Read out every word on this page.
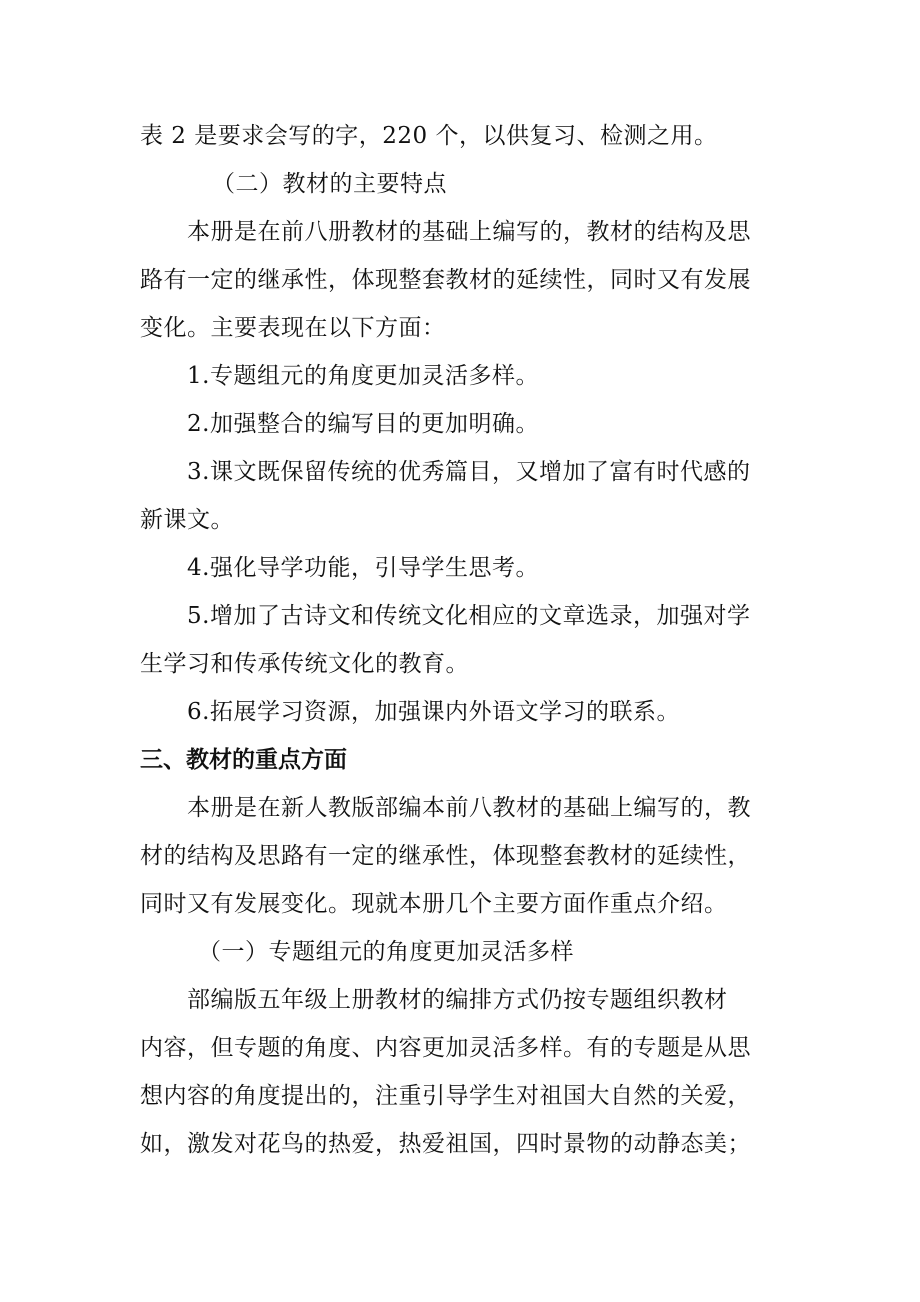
表 2 是要求会写的字，220 个，以供复习、检测之用。
（二）教材的主要特点
本册是在前八册教材的基础上编写的，教材的结构及思
路有一定的继承性，体现整套教材的延续性，同时又有发展
变化。主要表现在以下方面：
1.专题组元的角度更加灵活多样。
2.加强整合的编写目的更加明确。
3.课文既保留传统的优秀篇目，又增加了富有时代感的
新课文。
4.强化导学功能，引导学生思考。
5.增加了古诗文和传统文化相应的文章选录，加强对学
生学习和传承传统文化的教育。
6.拓展学习资源，加强课内外语文学习的联系。
三、教材的重点方面
本册是在新人教版部编本前八教材的基础上编写的，教
材的结构及思路有一定的继承性，体现整套教材的延续性，
同时又有发展变化。现就本册几个主要方面作重点介绍。
（一）专题组元的角度更加灵活多样
部编版五年级上册教材的编排方式仍按专题组织教材
内容，但专题的角度、内容更加灵活多样。有的专题是从思
想内容的角度提出的，注重引导学生对祖国大自然的关爱，
如，激发对花鸟的热爱，热爱祖国，四时景物的动静态美；
